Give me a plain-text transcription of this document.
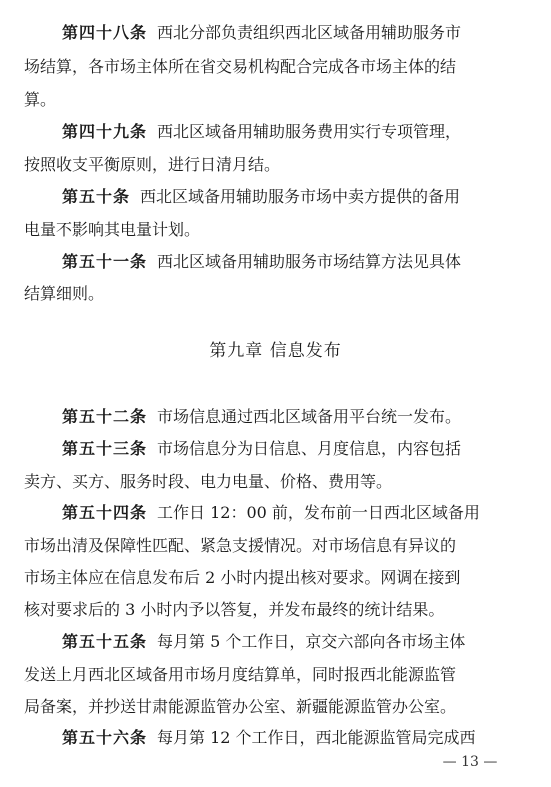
第四十八条 西北分部负责组织西北区域备用辅助服务市
场结算，各市场主体所在省交易机构配合完成各市场主体的结
算。
第四十九条 西北区域备用辅助服务费用实行专项管理，
按照收支平衡原则，进行日清月结。
第五十条 西北区域备用辅助服务市场中卖方提供的备用
电量不影响其电量计划。
第五十一条 西北区域备用辅助服务市场结算方法见具体
结算细则。
第九章 信息发布
第五十二条 市场信息通过西北区域备用平台统一发布。
第五十三条 市场信息分为日信息、月度信息，内容包括
卖方、买方、服务时段、电力电量、价格、费用等。
第五十四条 工作日 12：00 前，发布前一日西北区域备用
市场出清及保障性匹配、紧急支援情况。对市场信息有异议的
市场主体应在信息发布后 2 小时内提出核对要求。网调在接到
核对要求后的 3 小时内予以答复，并发布最终的统计结果。
第五十五条 每月第 5 个工作日，京交六部向各市场主体
发送上月西北区域备用市场月度结算单，同时报西北能源监管
局备案，并抄送甘肃能源监管办公室、新疆能源监管办公室。
第五十六条 每月第 12 个工作日，西北能源监管局完成西
— 13 —
